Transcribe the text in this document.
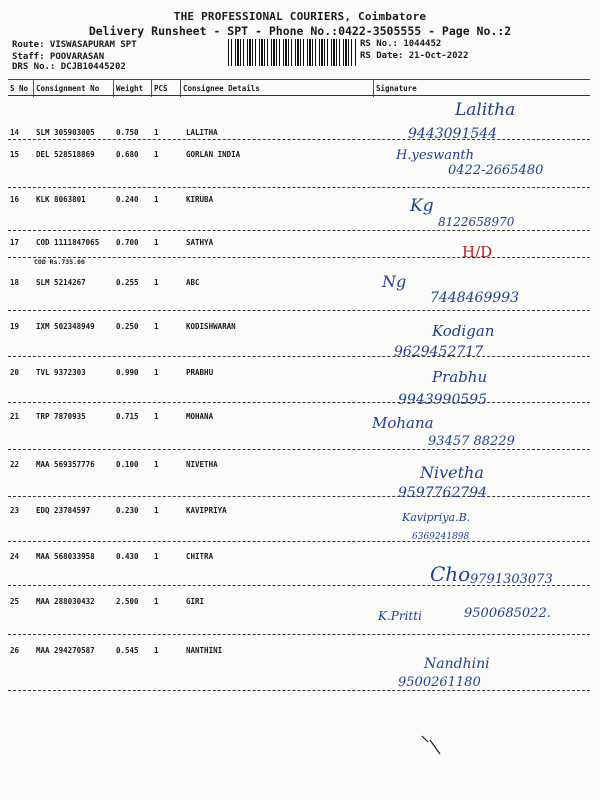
THE PROFESSIONAL COURIERS, Coimbatore
Delivery Runsheet - SPT - Phone No.:0422-3505555 - Page No.:2
Route: VISWASAPURAM SPT
Staff: POOVARASAN
DRS No.: DCJB10445202
RS No.: 1044452
RS Date: 21-Oct-2022
S No Consignment No Weight PCS Consignee Details	Signature
14 SLM 305903005	0.750 1	LALITHA
Lalitha
9443091544
15 DEL 528518869	0.680 1	GORLAN INDIA	H.yeswanth
0422-2665480
16 KLK 8063801	0.240 1	KIRUBA	Kg
8122658970
17 COD 1111847065 0.700 1	SATHYA
COD Rs.735.00
H/D
18 SLM 5214267	0.255 1	ABC	Ng
7448469993
19 IXM 502348949	0.250 1	KODISHWARAN	Kodigan
9629452717
20 TVL 9372303	0.990 1	PRABHU	Prabhu
9943990595
21 TRP 7870935	0.715 1	MOHANA	Mohana
93457 88229
22 MAA 569357776	0.100 1	NIVETHA	Nivetha
9597762794
23 EDQ 23784597	0.230 1	KAVIPRIYA
Kavipriya.B.
6369241898
24 MAA 568033958	0.430 1	CHITRA
Cho 9791303073
25 MAA 288030432	2.500 1	GIRI
K.Pritti	9500685022.
26 MAA 294270587	0.545 1	NANTHINI
Nandhini
9500261180
